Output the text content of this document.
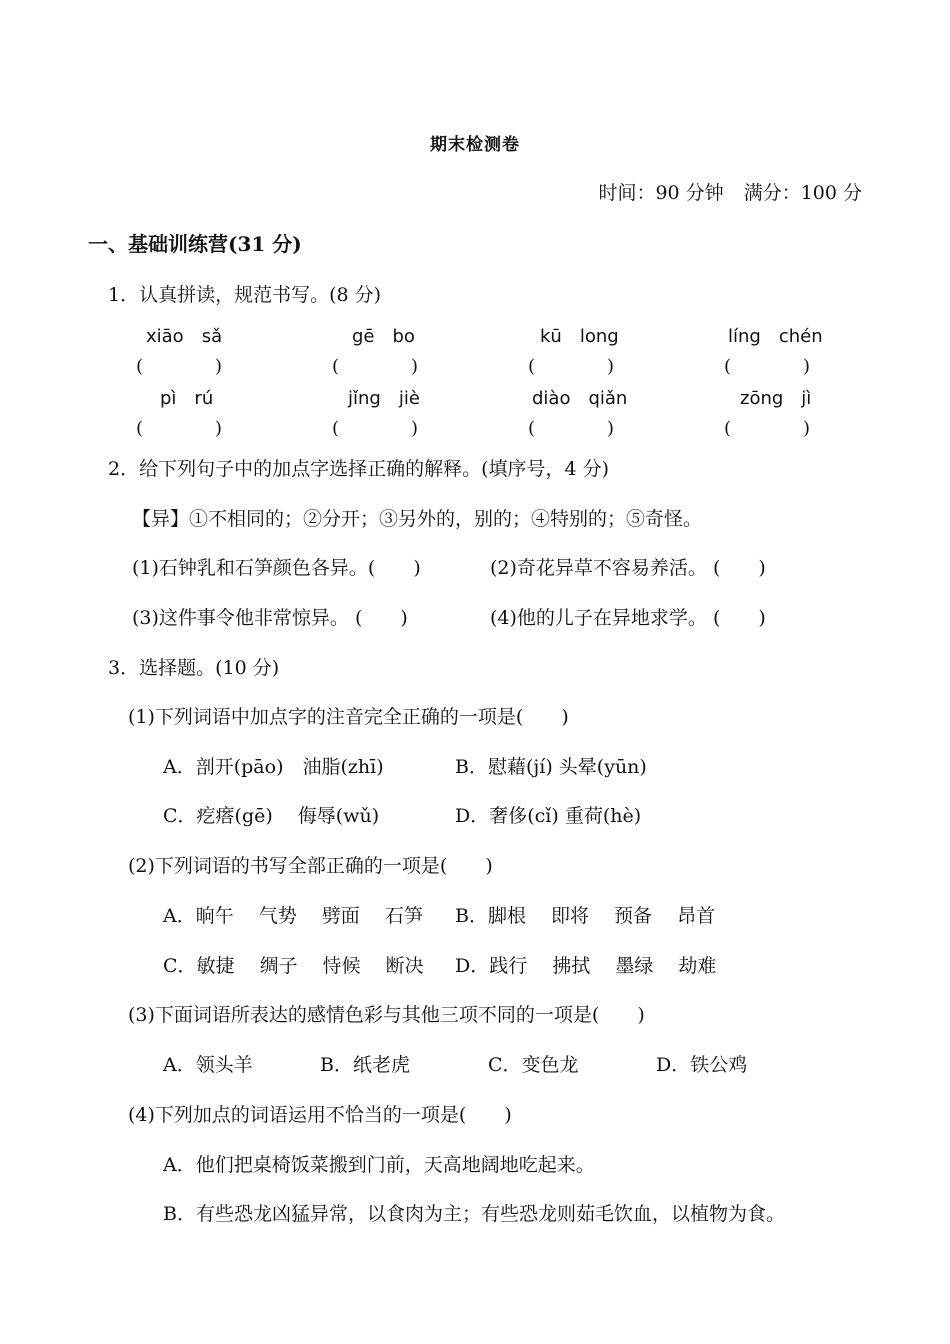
期末检测卷
时间：90 分钟 满分：100 分
一、基础训练营(31 分)
1．认真拼读，规范书写。(8 分)
xiāo　sǎ	gē　bo	kū　long	líng　chén
(　　　　)	(　　　　)	(　　　　)	(　　　　)
pì　rú	jǐng　jiè	diào　qiǎn	zōng　jì
(　　　　)	(　　　　)	(　　　　)	(　　　　)
2．给下列句子中的加点字选择正确的解释。(填序号，4 分)
【异】①不相同的；②分开；③另外的，别的；④特别的；⑤奇怪。
(1)石钟乳和石笋颜色各异。(　　)	(2)奇花异草不容易养活。 (　　)
(3)这件事令他非常惊异。 (　　)	(4)他的儿子在异地求学。 (　　)
3．选择题。(10 分)
(1)下列词语中加点字的注音完全正确的一项是(　　)
A．剖开(pāo)　油脂(zhī)	B．慰藉(jí) 头晕(yūn)
C．疙瘩(gē)　 侮辱(wǔ)	D．奢侈(cǐ) 重荷(hè)
(2)下列词语的书写全部正确的一项是(　　)
A．晌午　 气势　 劈面　 石笋 B．脚根　 即将　 预备　 昂首
C．敏捷　 绸子　 恃候　 断决 D．践行　 拂拭　 墨绿　 劫难
(3)下面词语所表达的感情色彩与其他三项不同的一项是(　　)
A．领头羊	B．纸老虎	C．变色龙	D．铁公鸡
(4)下列加点的词语运用不恰当的一项是(　　)
A．他们把桌椅饭菜搬到门前，天高地阔地吃起来。
B．有些恐龙凶猛异常，以食肉为主；有些恐龙则茹毛饮血，以植物为食。
